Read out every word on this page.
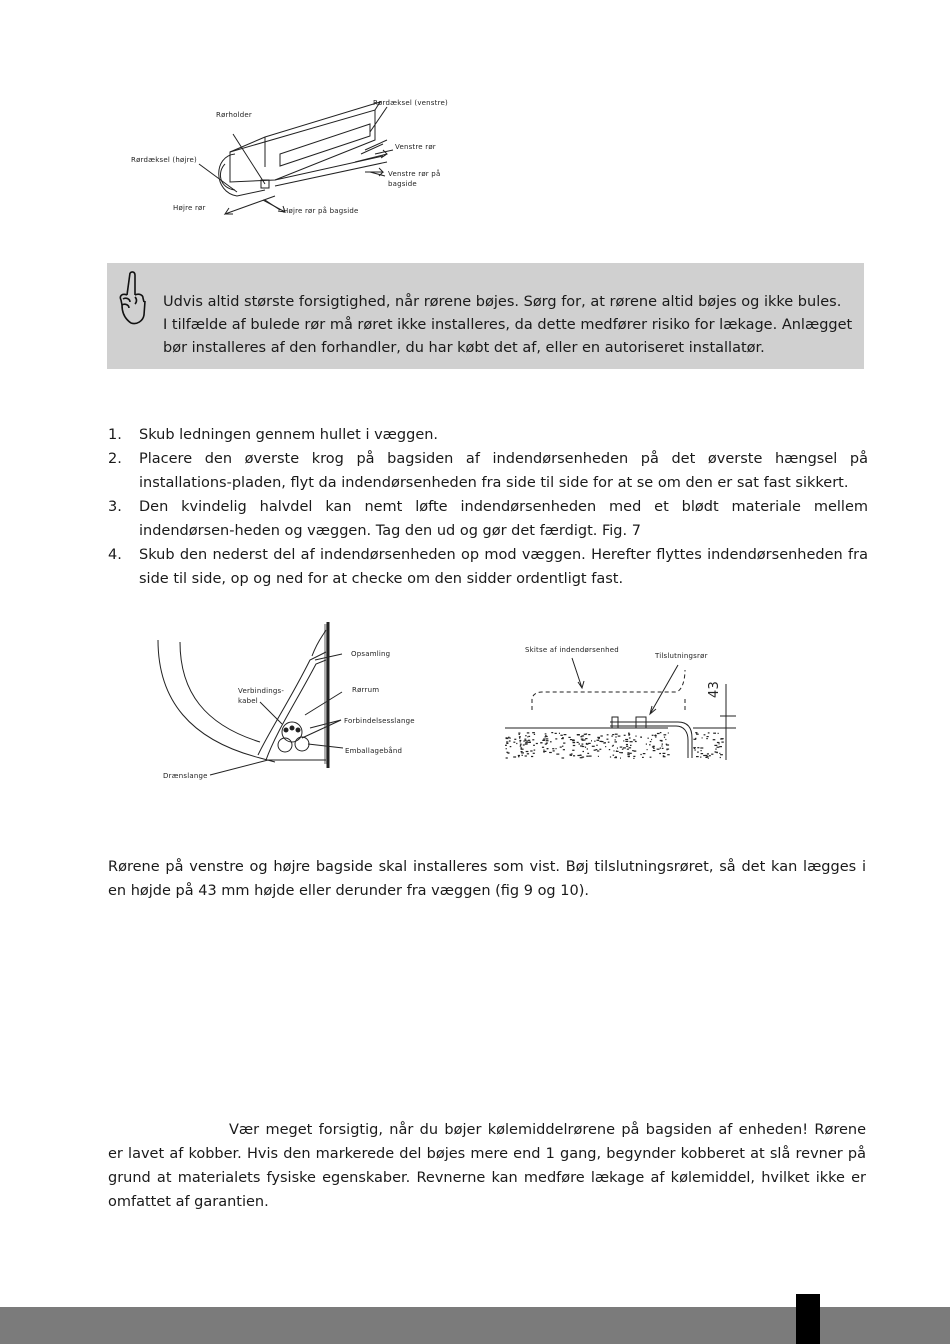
Rørdæksel (venstre)
Rørholder
Venstre rør
Rørdæksel (højre)
Venstre rør på
bagside
Højre rør	Højre rør på bagside

Udvis altid største forsigtighed, når rørene bøjes. Sørg for, at rørene altid bøjes og ikke bules.

I tilfælde af bulede rør må røret ikke installeres, da dette medfører risiko for lækage. Anlægget bør installeres af den forhandler, du har købt det af, eller en autoriseret installatør.

1. Skub ledningen gennem hullet i væggen.
2. Placere den øverste krog på bagsiden af indendørsenheden på det øverste hængsel på installations-pladen, flyt da indendørsenheden fra side til side for at se om den er sat fast sikkert.
3. Den kvindelig halvdel kan nemt løfte indendørsenheden med et blødt materiale mellem indendørsen-heden og væggen. Tag den ud og gør det færdigt. Fig. 7
4. Skub den nederst del af indendørsenheden op mod væggen. Herefter flyttes indendørsenheden fra side til side, op og ned for at checke om den sidder ordentligt fast.
Opsamling
Verbindings-
kabel
Rørrum
Forbindelsesslange
Emballagebånd
Drænslange
Skitse af indendørsenhed
Tilslutningsrør
43

Rørene på venstre og højre bagside skal installeres som vist. Bøj tilslutningsrøret, så det kan lægges i en højde på 43 mm højde eller derunder fra væggen (fig 9 og 10).

Vær meget forsigtig, når du bøjer kølemiddelrørene på bagsiden af enheden! Rørene er lavet af kobber. Hvis den markerede del bøjes mere end 1 gang, begynder kobberet at slå revner på grund at materialets fysiske egenskaber. Revnerne kan medføre lækage af kølemiddel, hvilket ikke er omfattet af garantien.
